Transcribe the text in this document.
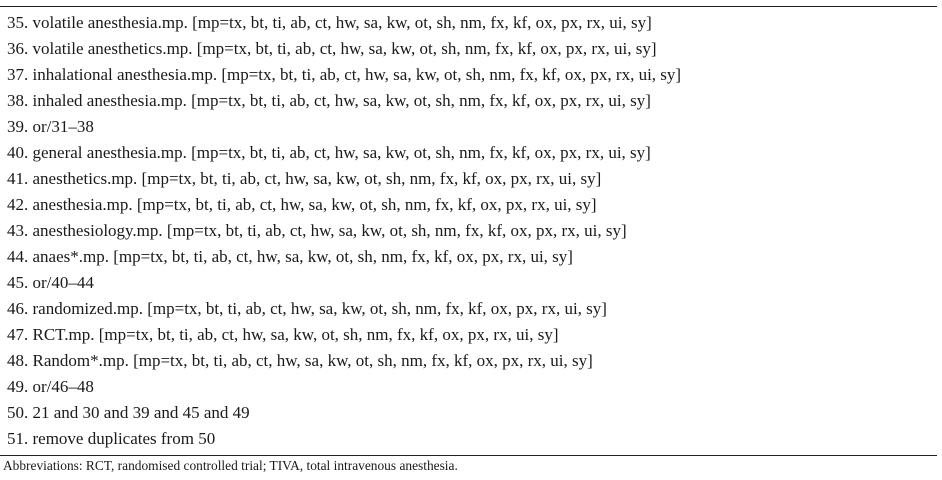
35. volatile anesthesia.mp. [mp=tx, bt, ti, ab, ct, hw, sa, kw, ot, sh, nm, fx, kf, ox, px, rx, ui, sy]
36. volatile anesthetics.mp. [mp=tx, bt, ti, ab, ct, hw, sa, kw, ot, sh, nm, fx, kf, ox, px, rx, ui, sy]
37. inhalational anesthesia.mp. [mp=tx, bt, ti, ab, ct, hw, sa, kw, ot, sh, nm, fx, kf, ox, px, rx, ui, sy]
38. inhaled anesthesia.mp. [mp=tx, bt, ti, ab, ct, hw, sa, kw, ot, sh, nm, fx, kf, ox, px, rx, ui, sy]
39. or/31–38
40. general anesthesia.mp. [mp=tx, bt, ti, ab, ct, hw, sa, kw, ot, sh, nm, fx, kf, ox, px, rx, ui, sy]
41. anesthetics.mp. [mp=tx, bt, ti, ab, ct, hw, sa, kw, ot, sh, nm, fx, kf, ox, px, rx, ui, sy]
42. anesthesia.mp. [mp=tx, bt, ti, ab, ct, hw, sa, kw, ot, sh, nm, fx, kf, ox, px, rx, ui, sy]
43. anesthesiology.mp. [mp=tx, bt, ti, ab, ct, hw, sa, kw, ot, sh, nm, fx, kf, ox, px, rx, ui, sy]
44. anaes*.mp. [mp=tx, bt, ti, ab, ct, hw, sa, kw, ot, sh, nm, fx, kf, ox, px, rx, ui, sy]
45. or/40–44
46. randomized.mp. [mp=tx, bt, ti, ab, ct, hw, sa, kw, ot, sh, nm, fx, kf, ox, px, rx, ui, sy]
47. RCT.mp. [mp=tx, bt, ti, ab, ct, hw, sa, kw, ot, sh, nm, fx, kf, ox, px, rx, ui, sy]
48. Random*.mp. [mp=tx, bt, ti, ab, ct, hw, sa, kw, ot, sh, nm, fx, kf, ox, px, rx, ui, sy]
49. or/46–48
50. 21 and 30 and 39 and 45 and 49
51. remove duplicates from 50
Abbreviations: RCT, randomised controlled trial; TIVA, total intravenous anesthesia.
